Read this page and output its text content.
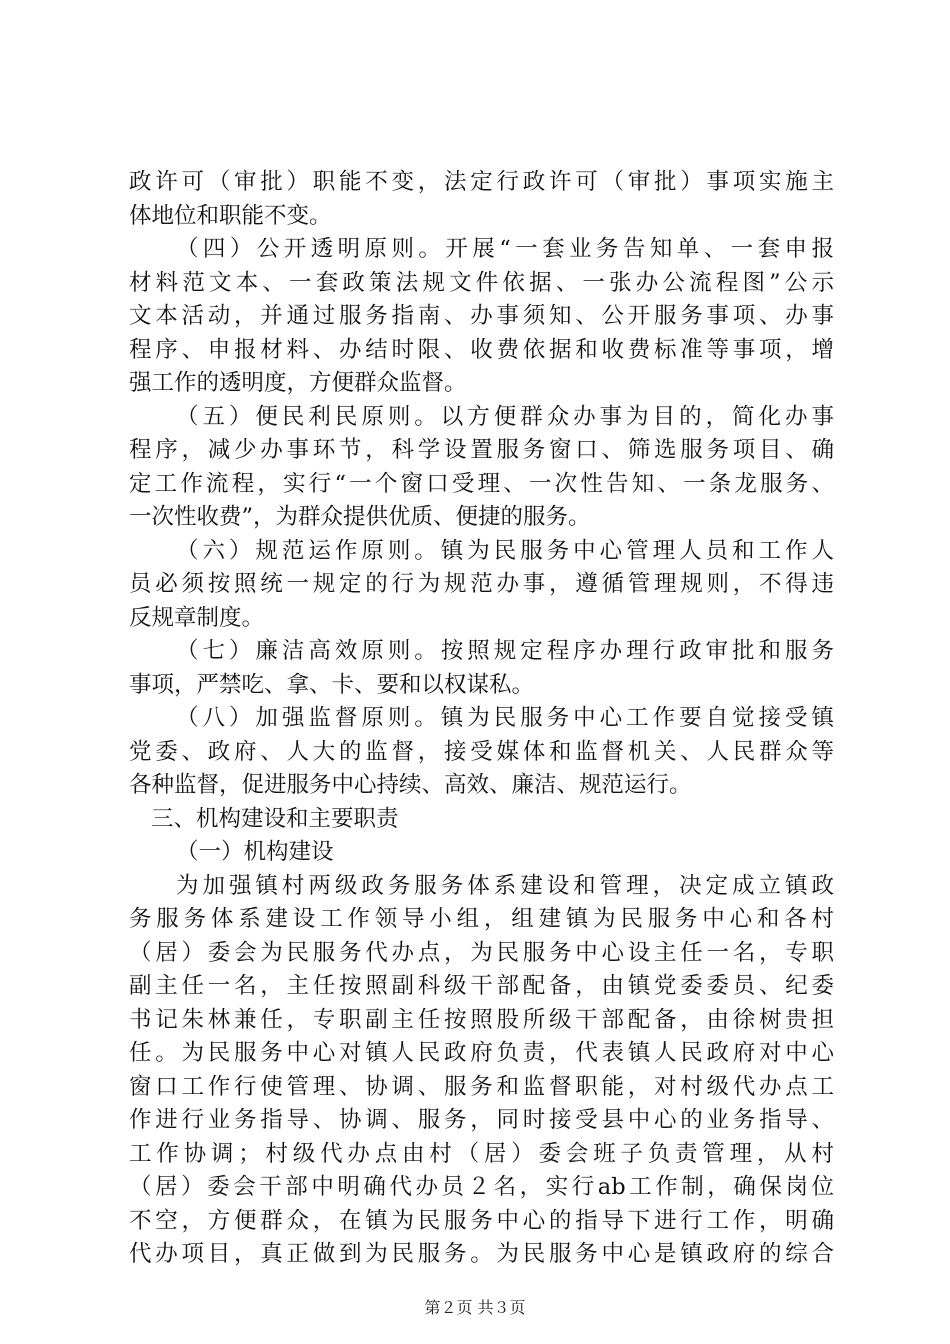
政许可（审批）职能不变，法定行政许可（审批）事项实施主
体地位和职能不变。
（四）公开透明原则。开展“一套业务告知单、一套申报
材料范文本、一套政策法规文件依据、一张办公流程图”公示
文本活动，并通过服务指南、办事须知、公开服务事项、办事
程序、申报材料、办结时限、收费依据和收费标准等事项，增
强工作的透明度，方便群众监督。
（五）便民利民原则。以方便群众办事为目的，简化办事
程序，减少办事环节，科学设置服务窗口、筛选服务项目、确
定工作流程，实行“一个窗口受理、一次性告知、一条龙服务、
一次性收费”，为群众提供优质、便捷的服务。
（六）规范运作原则。镇为民服务中心管理人员和工作人
员必须按照统一规定的行为规范办事，遵循管理规则，不得违
反规章制度。
（七）廉洁高效原则。按照规定程序办理行政审批和服务
事项，严禁吃、拿、卡、要和以权谋私。
（八）加强监督原则。镇为民服务中心工作要自觉接受镇
党委、政府、人大的监督，接受媒体和监督机关、人民群众等
各种监督，促进服务中心持续、高效、廉洁、规范运行。
三、机构建设和主要职责
（一）机构建设
为加强镇村两级政务服务体系建设和管理，决定成立镇政
务服务体系建设工作领导小组，组建镇为民服务中心和各村
（居）委会为民服务代办点，为民服务中心设主任一名，专职
副主任一名，主任按照副科级干部配备，由镇党委委员、纪委
书记朱林兼任，专职副主任按照股所级干部配备，由徐树贵担
任。为民服务中心对镇人民政府负责，代表镇人民政府对中心
窗口工作行使管理、协调、服务和监督职能，对村级代办点工
作进行业务指导、协调、服务，同时接受县中心的业务指导、
工作协调；村级代办点由村（居）委会班子负责管理，从村
（居）委会干部中明确代办员２名，实行ab工作制，确保岗位
不空，方便群众，在镇为民服务中心的指导下进行工作，明确
代办项目，真正做到为民服务。为民服务中心是镇政府的综合
第２页 共３页
